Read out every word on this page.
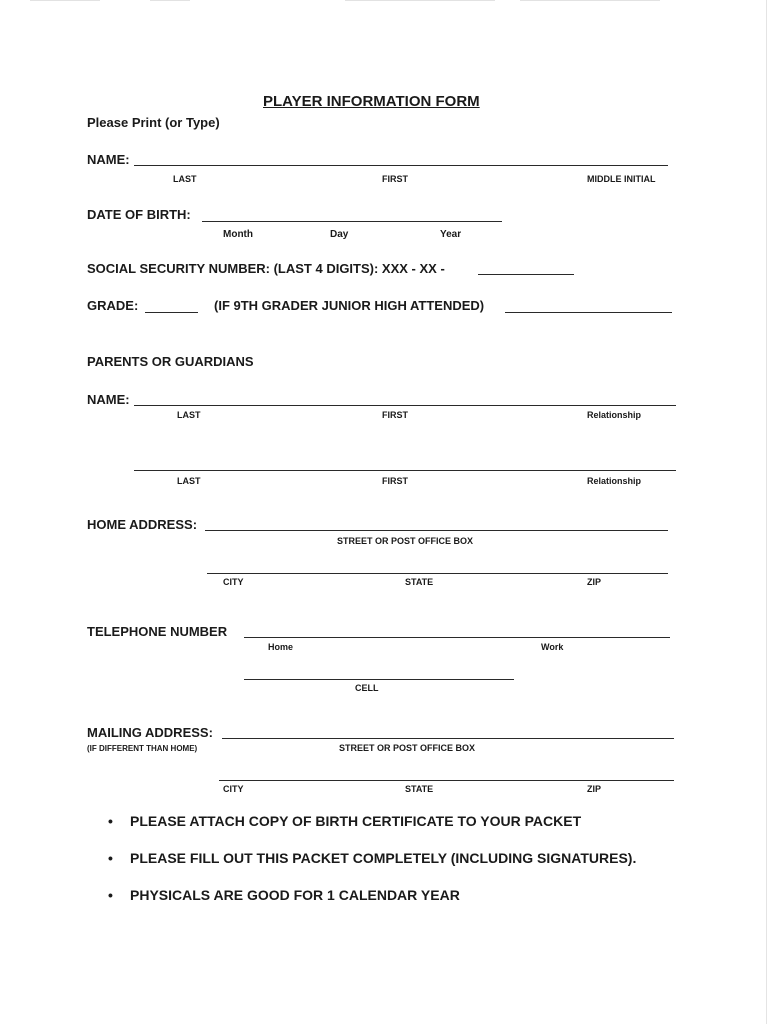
PLAYER INFORMATION FORM
Please Print (or Type)
NAME:
LAST	FIRST	MIDDLE INITIAL
DATE OF BIRTH:
Month	Day	Year
SOCIAL SECURITY NUMBER: (LAST 4 DIGITS): XXX - XX -
GRADE:	(IF 9TH GRADER JUNIOR HIGH ATTENDED)
PARENTS OR GUARDIANS
NAME:
LAST	FIRST	Relationship
LAST	FIRST	Relationship
HOME ADDRESS:
STREET OR POST OFFICE BOX
CITY	STATE	ZIP
TELEPHONE NUMBER
Home	Work
CELL
MAILING ADDRESS:
(IF DIFFERENT THAN HOME)	STREET OR POST OFFICE BOX
CITY	STATE	ZIP
• PLEASE ATTACH COPY OF BIRTH CERTIFICATE TO YOUR PACKET
• PLEASE FILL OUT THIS PACKET COMPLETELY (INCLUDING SIGNATURES).
• PHYSICALS ARE GOOD FOR 1 CALENDAR YEAR
